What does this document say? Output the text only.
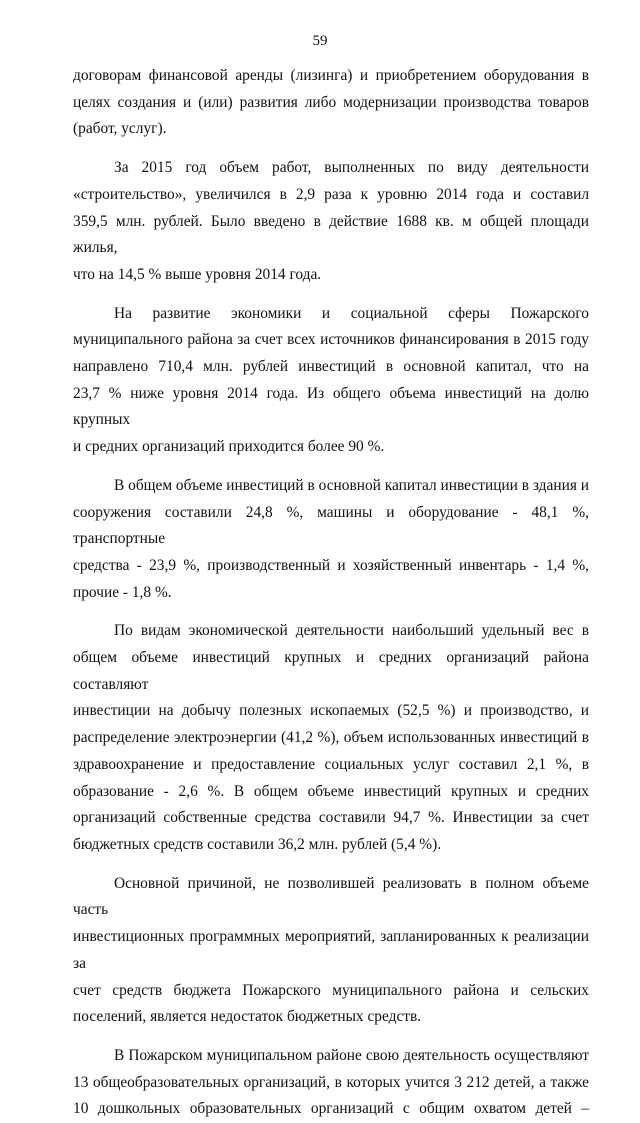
59

договорам финансовой аренды (лизинга) и приобретением оборудования в

целях создания и (или) развития либо модернизации производства товаров

(работ, услуг).

За 2015 год объем работ, выполненных по виду деятельности

«строительство», увеличился в 2,9 раза к уровню 2014 года и составил

359,5 млн. рублей. Было введено в действие 1688 кв. м общей площади жилья,

что на 14,5 % выше уровня 2014 года.

На развитие экономики и социальной сферы Пожарского

муниципального района за счет всех источников финансирования в 2015 году

направлено 710,4 млн. рублей инвестиций в основной капитал, что на

23,7 % ниже уровня 2014 года. Из общего объема инвестиций на долю крупных

и средних организаций приходится более 90 %.

В общем объеме инвестиций в основной капитал инвестиции в здания и

сооружения составили 24,8 %, машины и оборудование - 48,1 %, транспортные

средства - 23,9 %, производственный и хозяйственный инвентарь - 1,4 %,

прочие - 1,8 %.

По видам экономической деятельности наибольший удельный вес в

общем объеме инвестиций крупных и средних организаций района составляют

инвестиции на добычу полезных ископаемых (52,5 %) и производство, и

распределение электроэнергии (41,2 %), объем использованных инвестиций в

здравоохранение и предоставление социальных услуг составил 2,1 %, в

образование - 2,6 %. В общем объеме инвестиций крупных и средних

организаций собственные средства составили 94,7 %. Инвестиции за счет

бюджетных средств составили 36,2 млн. рублей (5,4 %).

Основной причиной, не позволившей реализовать в полном объеме часть

инвестиционных программных мероприятий, запланированных к реализации за

счет средств бюджета Пожарского муниципального района и сельских

поселений, является недостаток бюджетных средств.

В Пожарском муниципальном районе свою деятельность осуществляют

13 общеобразовательных организаций, в которых учится 3 212 детей, а также

10 дошкольных образовательных организаций с общим охватом детей –
